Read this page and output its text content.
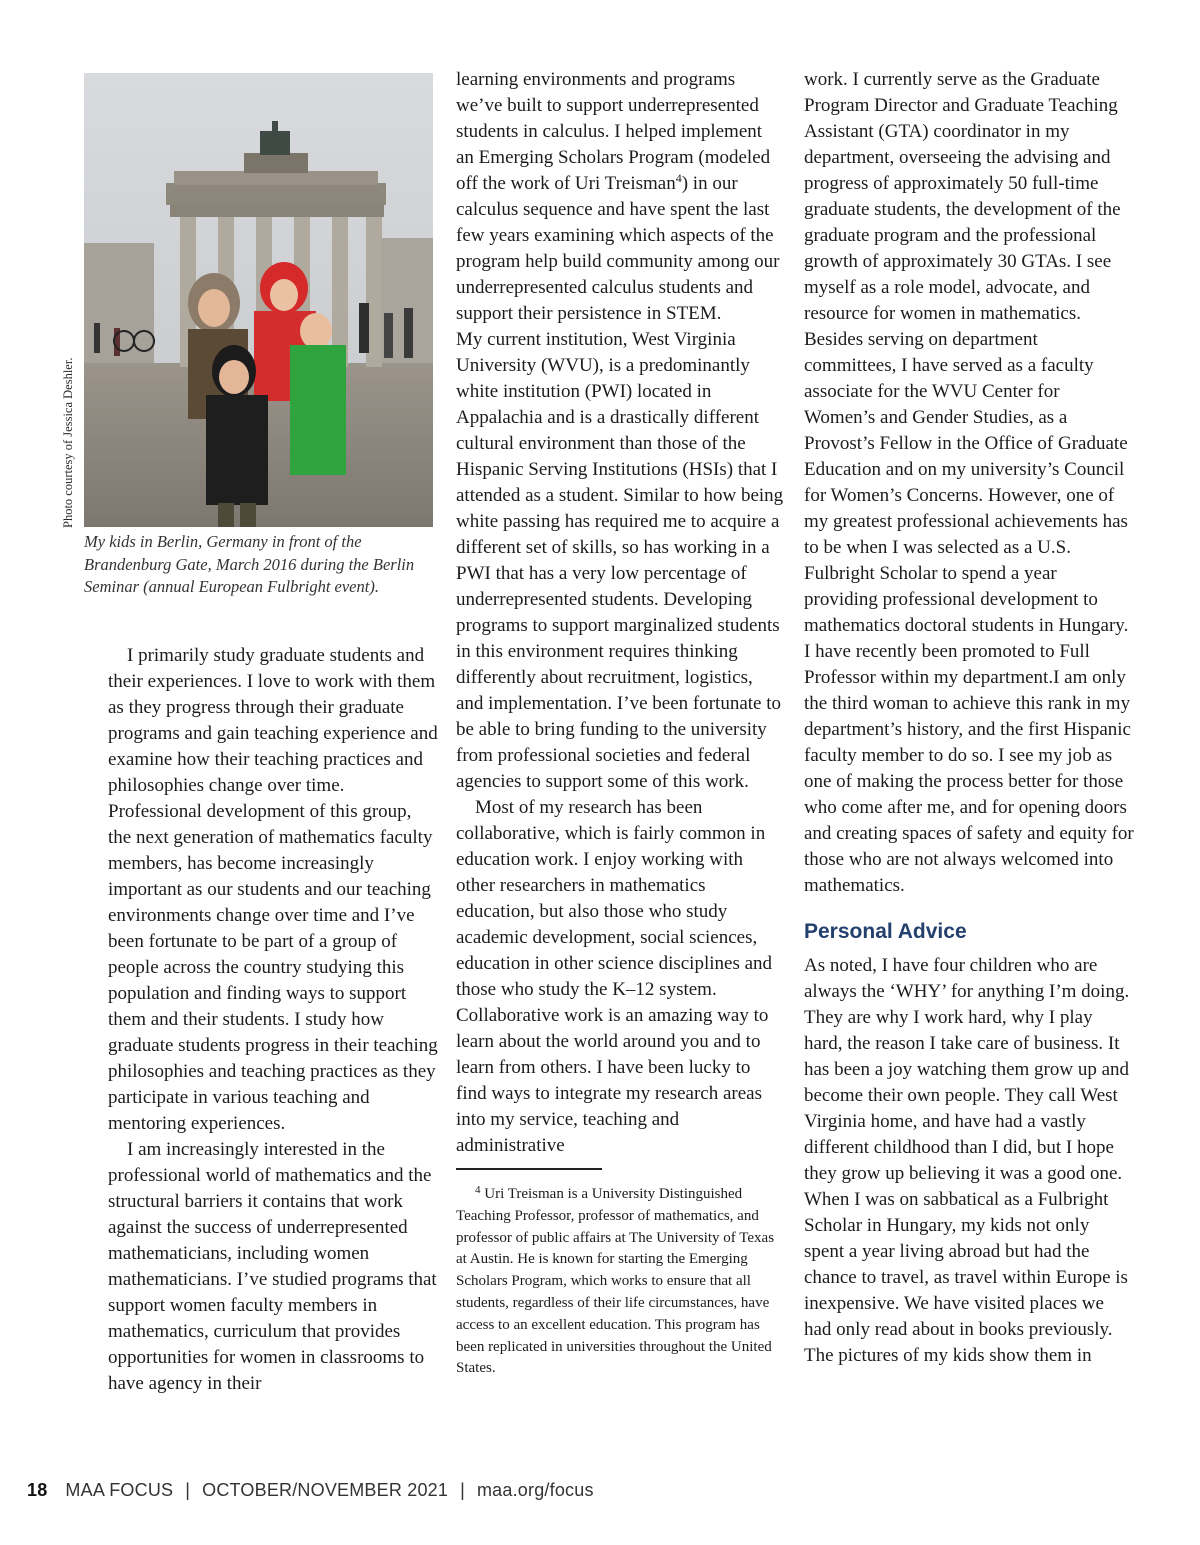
Photo courtesy of Jessica Deshler.
My kids in Berlin, Germany in front of the Brandenburg Gate, March 2016 during the Berlin Seminar (annual European Fulbright event).

I primarily study graduate students and their experiences. I love to work with them as they progress through their graduate programs and gain teaching experience and examine how their teaching practices and philosophies change over time. Professional development of this group, the next generation of mathematics faculty members, has become increasingly important as our students and our teaching environments change over time and I’ve been fortunate to be part of a group of people across the country studying this population and finding ways to support them and their students. I study how graduate students progress in their teaching philosophies and teaching practices as they participate in various teaching and mentoring experiences.

I am increasingly interested in the professional world of mathematics and the structural barriers it contains that work against the success of underrepresented mathematicians, including women mathematicians. I’ve studied programs that support women faculty members in mathematics, curriculum that provides opportunities for women in classrooms to have agency in their

learning environments and programs we’ve built to support underrepresented students in calculus. I helped implement an Emerging Scholars Program (modeled off the work of Uri Treisman$^4$) in our calculus sequence and have spent the last few years examining which aspects of the program help build community among our underrepresented calculus students and support their persistence in STEM.

My current institution, West Virginia University (WVU), is a predominantly white institution (PWI) located in Appalachia and is a drastically different cultural environment than those of the Hispanic Serving Institutions (HSIs) that I attended as a student. Similar to how being white passing has required me to acquire a different set of skills, so has working in a PWI that has a very low percentage of underrepresented students. Developing programs to support marginalized students in this environment requires thinking differently about recruitment, logistics, and implementation. I’ve been fortunate to be able to bring funding to the university from professional societies and federal agencies to support some of this work.

Most of my research has been collaborative, which is fairly common in education work. I enjoy working with other researchers in mathematics education, but also those who study academic development, social sciences, education in other science disciplines and those who study the K–12 system. Collaborative work is an amazing way to learn about the world around you and to learn from others. I have been lucky to find ways to integrate my research areas into my service, teaching and administrative

$^4$ Uri Treisman is a University Distinguished Teaching Professor, professor of mathematics, and professor of public affairs at The University of Texas at Austin. He is known for starting the Emerging Scholars Program, which works to ensure that all students, regardless of their life circumstances, have access to an excellent education. This program has been replicated in universities throughout the United States.

work. I currently serve as the Graduate Program Director and Graduate Teaching Assistant (GTA) coordinator in my department, overseeing the advising and progress of approximately 50 full-time graduate students, the development of the graduate program and the professional growth of approximately 30 GTAs. I see myself as a role model, advocate, and resource for women in mathematics. Besides serving on department committees, I have served as a faculty associate for the WVU Center for Women’s and Gender Studies, as a Provost’s Fellow in the Office of Graduate Education and on my university’s Council for Women’s Concerns. However, one of my greatest professional achievements has to be when I was selected as a U.S. Fulbright Scholar to spend a year providing professional development to mathematics doctoral students in Hungary. I have recently been promoted to Full Professor within my department.I am only the third woman to achieve this rank in my department’s history, and the first Hispanic faculty member to do so. I see my job as one of making the process better for those who come after me, and for opening doors and creating spaces of safety and equity for those who are not always welcomed into mathematics.

Personal Advice

As noted, I have four children who are always the ‘WHY’ for anything I’m doing. They are why I work hard, why I play hard, the reason I take care of business. It has been a joy watching them grow up and become their own people. They call West Virginia home, and have had a vastly different childhood than I did, but I hope they grow up believing it was a good one. When I was on sabbatical as a Fulbright Scholar in Hungary, my kids not only spent a year living abroad but had the chance to travel, as travel within Europe is inexpensive. We have visited places we had only read about in books previously. The pictures of my kids show them in

18 MAA FOCUS | OCTOBER/NOVEMBER 2021 | maa.org/focus
